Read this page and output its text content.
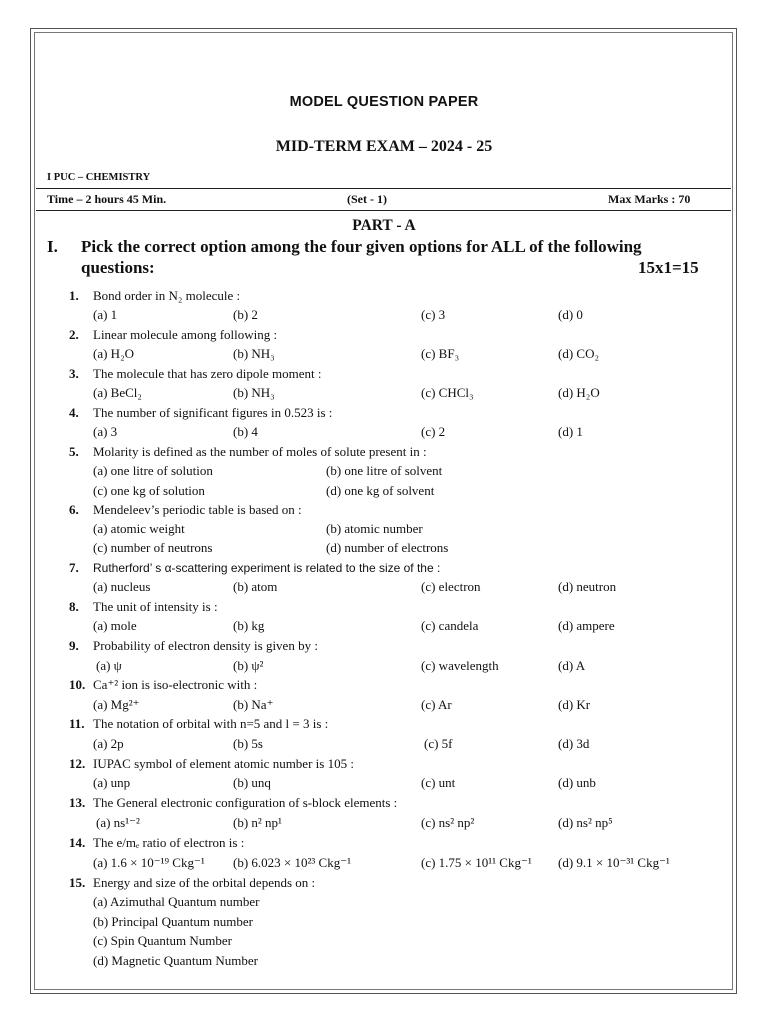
MODEL QUESTION PAPER
MID-TERM EXAM – 2024 - 25
I PUC – CHEMISTRY
Time – 2 hours 45 Min.	(Set - 1)	Max Marks : 70
PART - A
I. Pick the correct option among the four given options for ALL of the following
questions:	15x1=15
1. Bond order in N₂ molecule :
(a) 1	(b) 2	(c) 3	(d) 0
2. Linear molecule among following :
(a) H₂O	(b) NH₃	(c) BF₃	(d) CO₂
3. The molecule that has zero dipole moment :
(a) BeCl₂	(b) NH₃	(c) CHCl₃	(d) H₂O
4. The number of significant figures in 0.523 is :
(a) 3	(b) 4	(c) 2	(d) 1
5. Molarity is defined as the number of moles of solute present in :
(a) one litre of solution	(b) one litre of solvent
(c) one kg of solution	(d) one kg of solvent
6. Mendeleev’s periodic table is based on :
(a) atomic weight	(b) atomic number
(c) number of neutrons	(d) number of electrons
7. Rutherford’ s α-scattering experiment is related to the size of the :
(a) nucleus	(b) atom	(c) electron	(d) neutron
8. The unit of intensity is :
(a) mole	(b) kg	(c) candela	(d) ampere
9. Probability of electron density is given by :
(a) ψ	(b) ψ²	(c) wavelength	(d) A
10. Ca⁺² ion is iso-electronic with :
(a) Mg²⁺	(b) Na⁺	(c) Ar	(d) Kr
11. The notation of orbital with n=5 and l = 3 is :
(a) 2p	(b) 5s	(c) 5f	(d) 3d
12. IUPAC symbol of element atomic number is 105 :
(a) unp	(b) unq	(c) unt	(d) unb
13. The General electronic configuration of s-block elements :
(a) ns¹⁻²	(b) n² np¹	(c) ns² np²	(d) ns² np⁵
14. The e/mₑ ratio of electron is :
(a) 1.6 × 10⁻¹⁹ Ckg⁻¹ (b) 6.023 × 10²³ Ckg⁻¹	(c) 1.75 × 10¹¹ Ckg⁻¹ (d) 9.1 × 10⁻³¹ Ckg⁻¹
15. Energy and size of the orbital depends on :
(a) Azimuthal Quantum number
(b) Principal Quantum number
(c) Spin Quantum Number
(d) Magnetic Quantum Number
